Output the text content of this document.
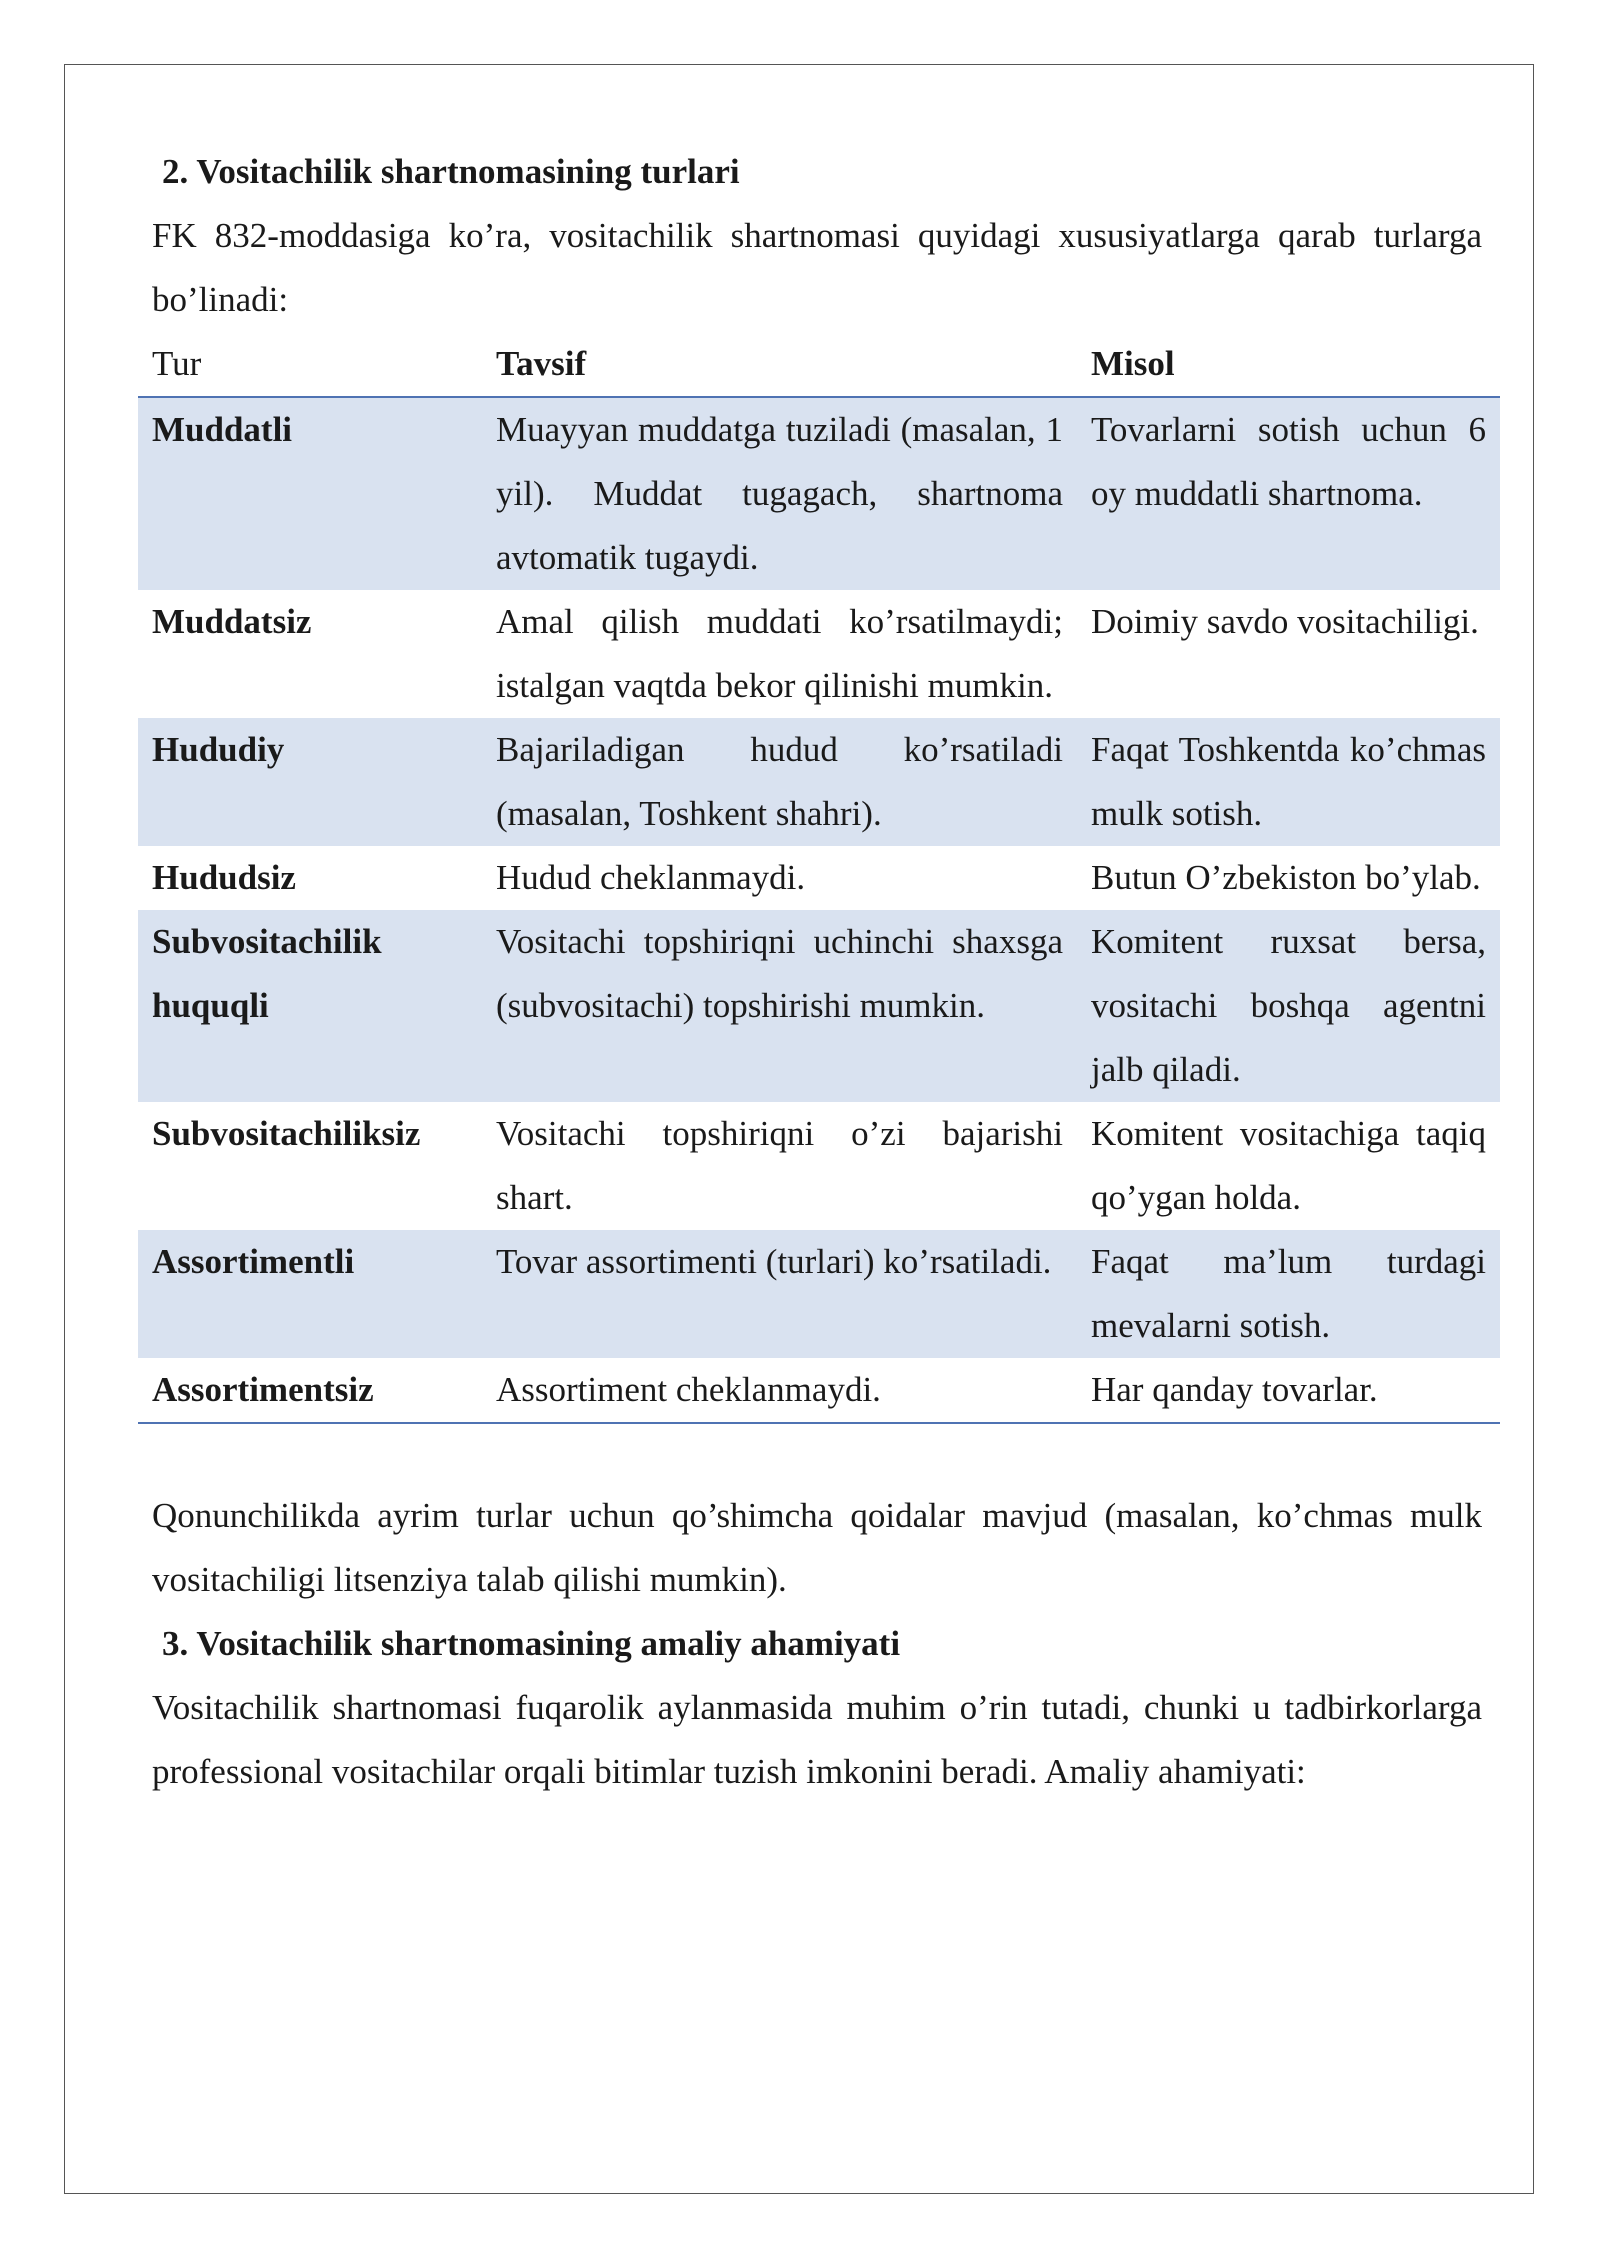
2. Vositachilik shartnomasining turlari

FK 832-moddasiga ko’ra, vositachilik shartnomasi quyidagi xususiyatlarga qarab turlarga bo’linadi:

Tur	Tavsif	Misol
Muddatli	Muayyan muddatga tuziladi (masalan, 1 yil). Muddat tugagach, shartnoma avtomatik tugaydi.	Tovarlarni sotish uchun 6 oy muddatli shartnoma.
Muddatsiz	Amal qilish muddati ko’rsatilmaydi; istalgan vaqtda bekor qilinishi mumkin.	Doimiy savdo vositachiligi.
Hududiy	Bajariladigan hudud ko’rsatiladi (masalan, Toshkent shahri).	Faqat Toshkentda ko’chmas mulk sotish.
Hududsiz	Hudud cheklanmaydi.	Butun O’zbekiston bo’ylab.
Subvositachilik huquqli	Vositachi topshiriqni uchinchi shaxsga (subvositachi) topshirishi mumkin.	Komitent ruxsat bersa, vositachi boshqa agentni jalb qiladi.
Subvositachiliksiz	Vositachi topshiriqni o’zi bajarishi shart.	Komitent vositachiga taqiq qo’ygan holda.
Assortimentli	Tovar assortimenti (turlari) ko’rsatiladi.	Faqat ma’lum turdagi mevalarni sotish.
Assortimentsiz	Assortiment cheklanmaydi.	Har qanday tovarlar.

Qonunchilikda ayrim turlar uchun qo’shimcha qoidalar mavjud (masalan, ko’chmas mulk vositachiligi litsenziya talab qilishi mumkin).

3. Vositachilik shartnomasining amaliy ahamiyati

Vositachilik shartnomasi fuqarolik aylanmasida muhim o’rin tutadi, chunki u tadbirkorlarga professional vositachilar orqali bitimlar tuzish imkonini beradi. Amaliy ahamiyati:
